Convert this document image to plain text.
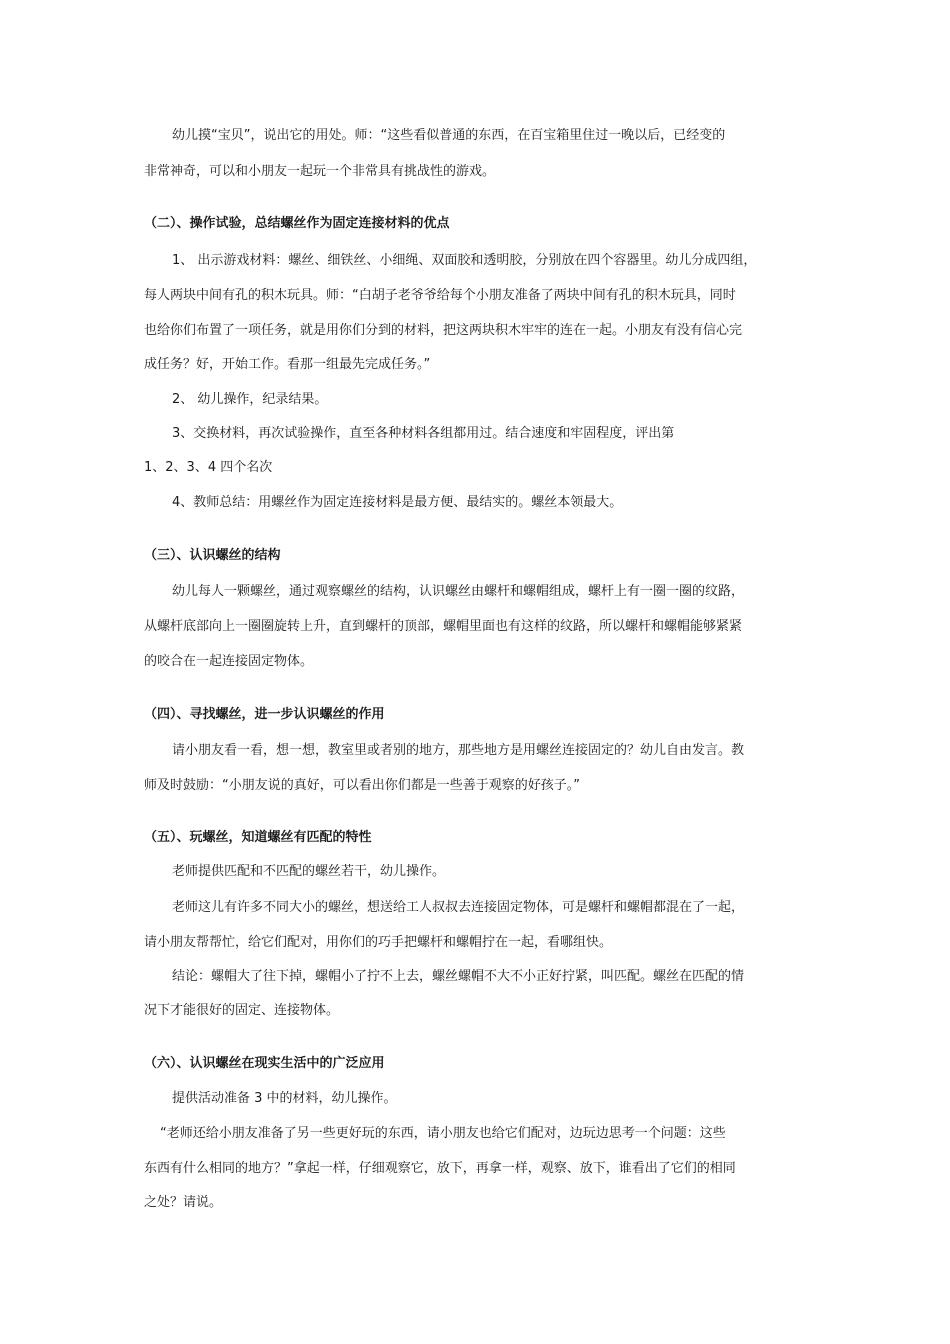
幼儿摸“宝贝”，说出它的用处。师：“这些看似普通的东西，在百宝箱里住过一晚以后，已经变的
非常神奇，可以和小朋友一起玩一个非常具有挑战性的游戏。
（二）、操作试验，总结螺丝作为固定连接材料的优点
1、 出示游戏材料：螺丝、细铁丝、小细绳、双面胶和透明胶，分别放在四个容器里。幼儿分成四组，
每人两块中间有孔的积木玩具。师：“白胡子老爷爷给每个小朋友准备了两块中间有孔的积木玩具，同时
也给你们布置了一项任务，就是用你们分到的材料，把这两块积木牢牢的连在一起。小朋友有没有信心完
成任务？好，开始工作。看那一组最先完成任务。”
2、 幼儿操作，纪录结果。
3、交换材料，再次试验操作，直至各种材料各组都用过。结合速度和牢固程度，评出第
1、2、3、4 四个名次
4、教师总结：用螺丝作为固定连接材料是最方便、最结实的。螺丝本领最大。
（三）、认识螺丝的结构
幼儿每人一颗螺丝，通过观察螺丝的结构，认识螺丝由螺杆和螺帽组成，螺杆上有一圈一圈的纹路，
从螺杆底部向上一圈圈旋转上升，直到螺杆的顶部，螺帽里面也有这样的纹路，所以螺杆和螺帽能够紧紧
的咬合在一起连接固定物体。
（四）、寻找螺丝，进一步认识螺丝的作用
请小朋友看一看，想一想，教室里或者别的地方，那些地方是用螺丝连接固定的？幼儿自由发言。教
师及时鼓励：“小朋友说的真好，可以看出你们都是一些善于观察的好孩子。”
（五）、玩螺丝，知道螺丝有匹配的特性
老师提供匹配和不匹配的螺丝若干，幼儿操作。
老师这儿有许多不同大小的螺丝，想送给工人叔叔去连接固定物体，可是螺杆和螺帽都混在了一起，
请小朋友帮帮忙，给它们配对，用你们的巧手把螺杆和螺帽拧在一起，看哪组快。
结论：螺帽大了往下掉，螺帽小了拧不上去，螺丝螺帽不大不小正好拧紧，叫匹配。螺丝在匹配的情
况下才能很好的固定、连接物体。
（六）、认识螺丝在现实生活中的广泛应用
提供活动准备 3 中的材料，幼儿操作。
“老师还给小朋友准备了另一些更好玩的东西，请小朋友也给它们配对，边玩边思考一个问题：这些
东西有什么相同的地方？”拿起一样，仔细观察它，放下，再拿一样，观察、放下，谁看出了它们的相同
之处？请说。
